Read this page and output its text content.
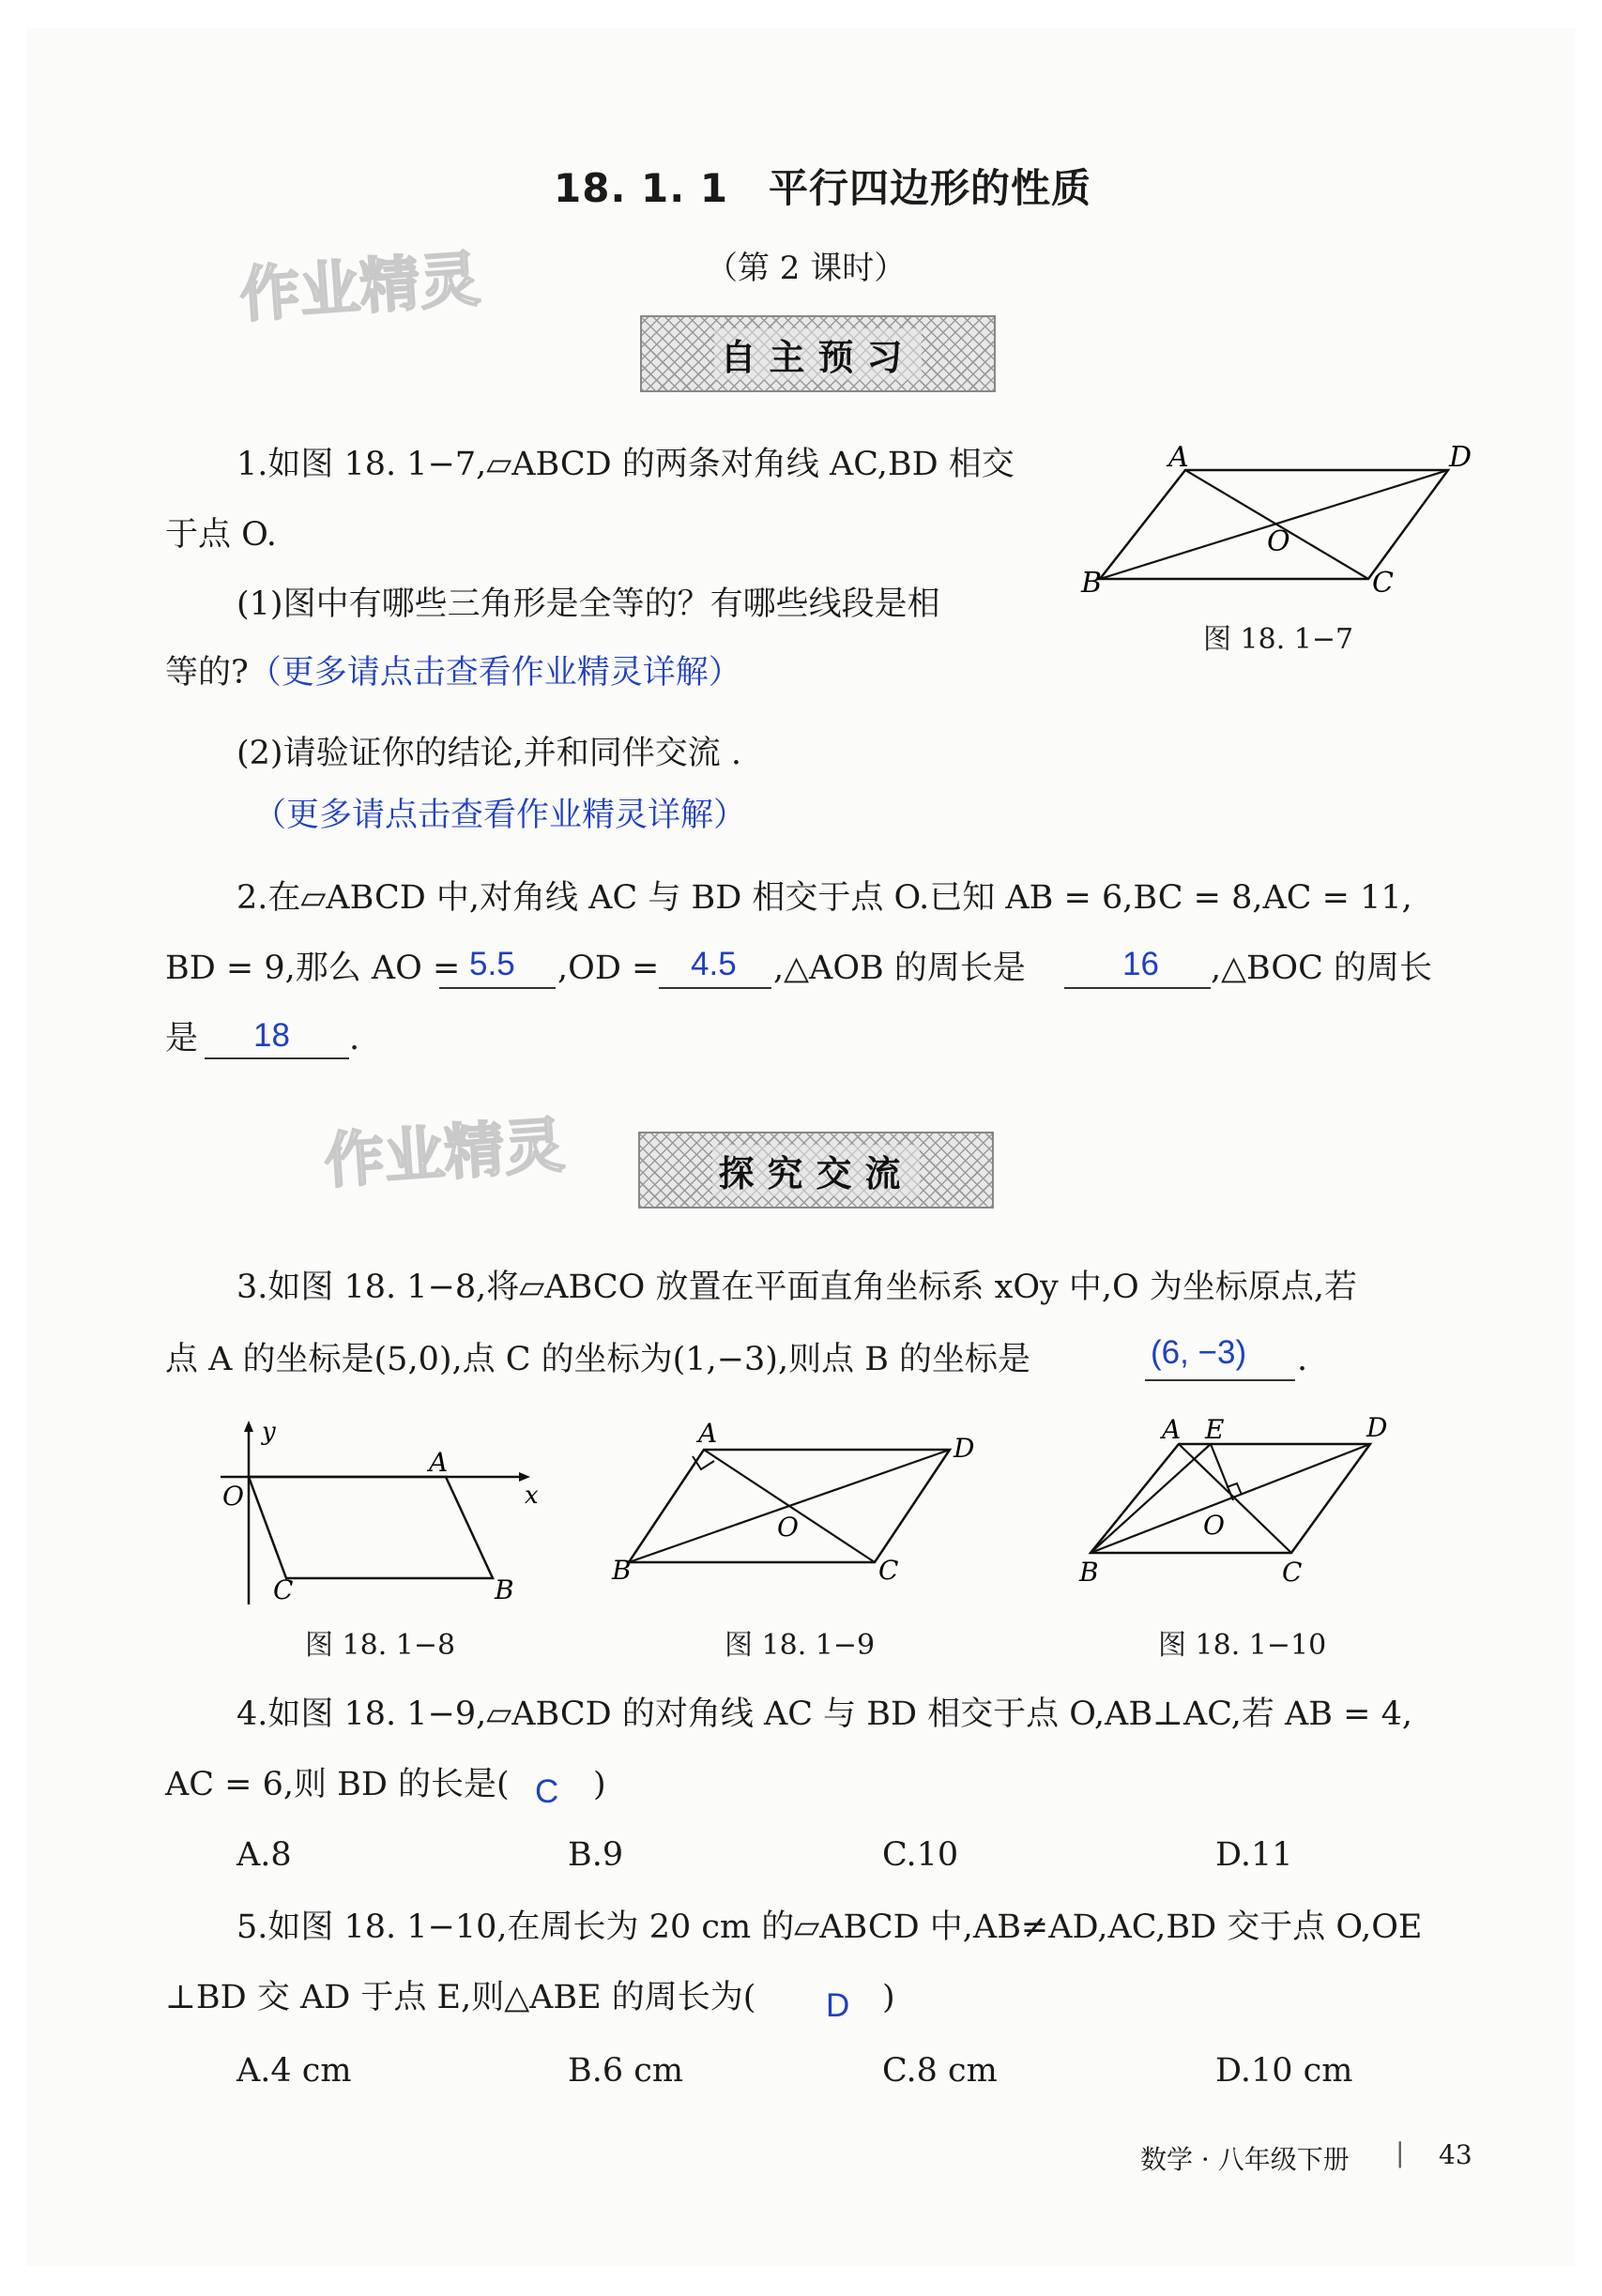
18. 1. 1　平行四边形的性质
（第 2 课时）
作业精灵
作业精灵
自主预习
1.如图 18. 1−7,▱ABCD 的两条对角线 AC,BD 相交
于点 O.
(1)图中有哪些三角形是全等的？有哪些线段是相
等的?（更多请点击查看作业精灵详解）
(2)请验证你的结论,并和同伴交流 .
（更多请点击查看作业精灵详解）
A	D
B	C
O
图 18. 1−7
2.在▱ABCD 中,对角线 AC 与 BD 相交于点 O.已知 AB = 6,BC = 8,AC = 11,
BD = 9,那么 AO = 5.5 ,OD = 4.5 ,△AOB 的周长是	16 ,△BOC 的周长
是 18 .
探究交流
3.如图 18. 1−8,将▱ABCO 放置在平面直角坐标系 xOy 中,O 为坐标原点,若
点 A 的坐标是(5,0),点 C 的坐标为(1,−3),则点 B 的坐标是	(6, −3) .
y
x
O
A
B
C
图 18. 1−8
A	D
B	C
O
图 18. 1−9
A E	D
B	C
O
图 18. 1−10
4.如图 18. 1−9,▱ABCD 的对角线 AC 与 BD 相交于点 O,AB⊥AC,若 AB = 4,
AC = 6,则 BD 的长是( C )
A.8	B.9	C.10	D.11
5.如图 18. 1−10,在周长为 20 cm 的▱ABCD 中,AB≠AD,AC,BD 交于点 O,OE
⊥BD 交 AD 于点 E,则△ABE 的周长为( D )
A.4 cm	B.6 cm	C.8 cm	D.10 cm
数学 · 八年级下册 | 43
